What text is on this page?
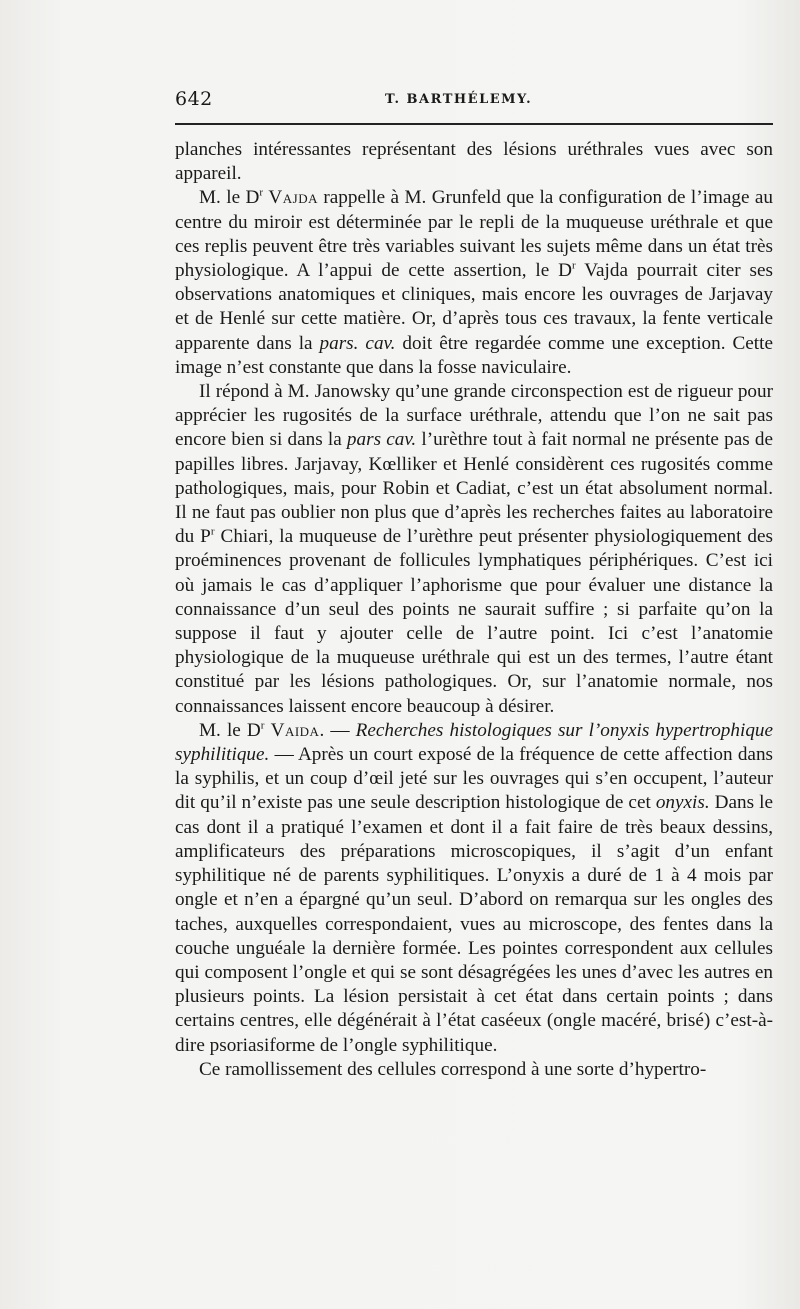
642	T. BARTHÉLEMY.

planches intéressantes représentant des lésions uréthrales vues avec son appareil.

M. le $D^r$ Vajda rappelle à M. Grunfeld que la configuration de l’image au centre du miroir est déterminée par le repli de la muqueuse uréthrale et que ces replis peuvent être très variables suivant les sujets même dans un état très physiologique. A l’appui de cette assertion, le $D^r$ Vajda pourrait citer ses observations anatomiques et cliniques, mais encore les ouvrages de Jarjavay et de Henlé sur cette matière. Or, d’après tous ces travaux, la fente verticale apparente dans la pars. cav. doit être regardée comme une exception. Cette image n’est constante que dans la fosse naviculaire.

Il répond à M. Janowsky qu’une grande circonspection est de rigueur pour apprécier les rugosités de la surface uréthrale, attendu que l’on ne sait pas encore bien si dans la pars cav. l’urèthre tout à fait normal ne présente pas de papilles libres. Jarjavay, Kœlliker et Henlé considèrent ces rugosités comme pathologiques, mais, pour Robin et Cadiat, c’est un état absolument normal. Il ne faut pas oublier non plus que d’après les recherches faites au laboratoire du $P^r$ Chiari, la muqueuse de l’urèthre peut présenter physiologiquement des proéminences provenant de follicules lymphatiques périphériques. C’est ici où jamais le cas d’appliquer l’aphorisme que pour évaluer une distance la connaissance d’un seul des points ne saurait suffire ; si parfaite qu’on la suppose il faut y ajouter celle de l’autre point. Ici c’est l’anatomie physiologique de la muqueuse uréthrale qui est un des termes, l’autre étant constitué par les lésions pathologiques. Or, sur l’anatomie normale, nos connaissances laissent encore beaucoup à désirer.

M. le $D^r$ Vaida. — Recherches histologiques sur l’onyxis hypertrophique syphilitique. — Après un court exposé de la fréquence de cette affection dans la syphilis, et un coup d’œil jeté sur les ouvrages qui s’en occupent, l’auteur dit qu’il n’existe pas une seule description histologique de cet onyxis. Dans le cas dont il a pratiqué l’examen et dont il a fait faire de très beaux dessins, amplificateurs des préparations microscopiques, il s’agit d’un enfant syphilitique né de parents syphilitiques. L’onyxis a duré de 1 à 4 mois par ongle et n’en a épargné qu’un seul. D’abord on remarqua sur les ongles des taches, auxquelles correspondaient, vues au microscope, des fentes dans la couche unguéale la dernière formée. Les pointes correspondent aux cellules qui composent l’ongle et qui se sont désagrégées les unes d’avec les autres en plusieurs points. La lésion persistait à cet état dans certain points ; dans certains centres, elle dégénérait à l’état caséeux (ongle macéré, brisé) c’est-à-dire psoriasiforme de l’ongle syphilitique.

Ce ramollissement des cellules correspond à une sorte d’hypertro-
